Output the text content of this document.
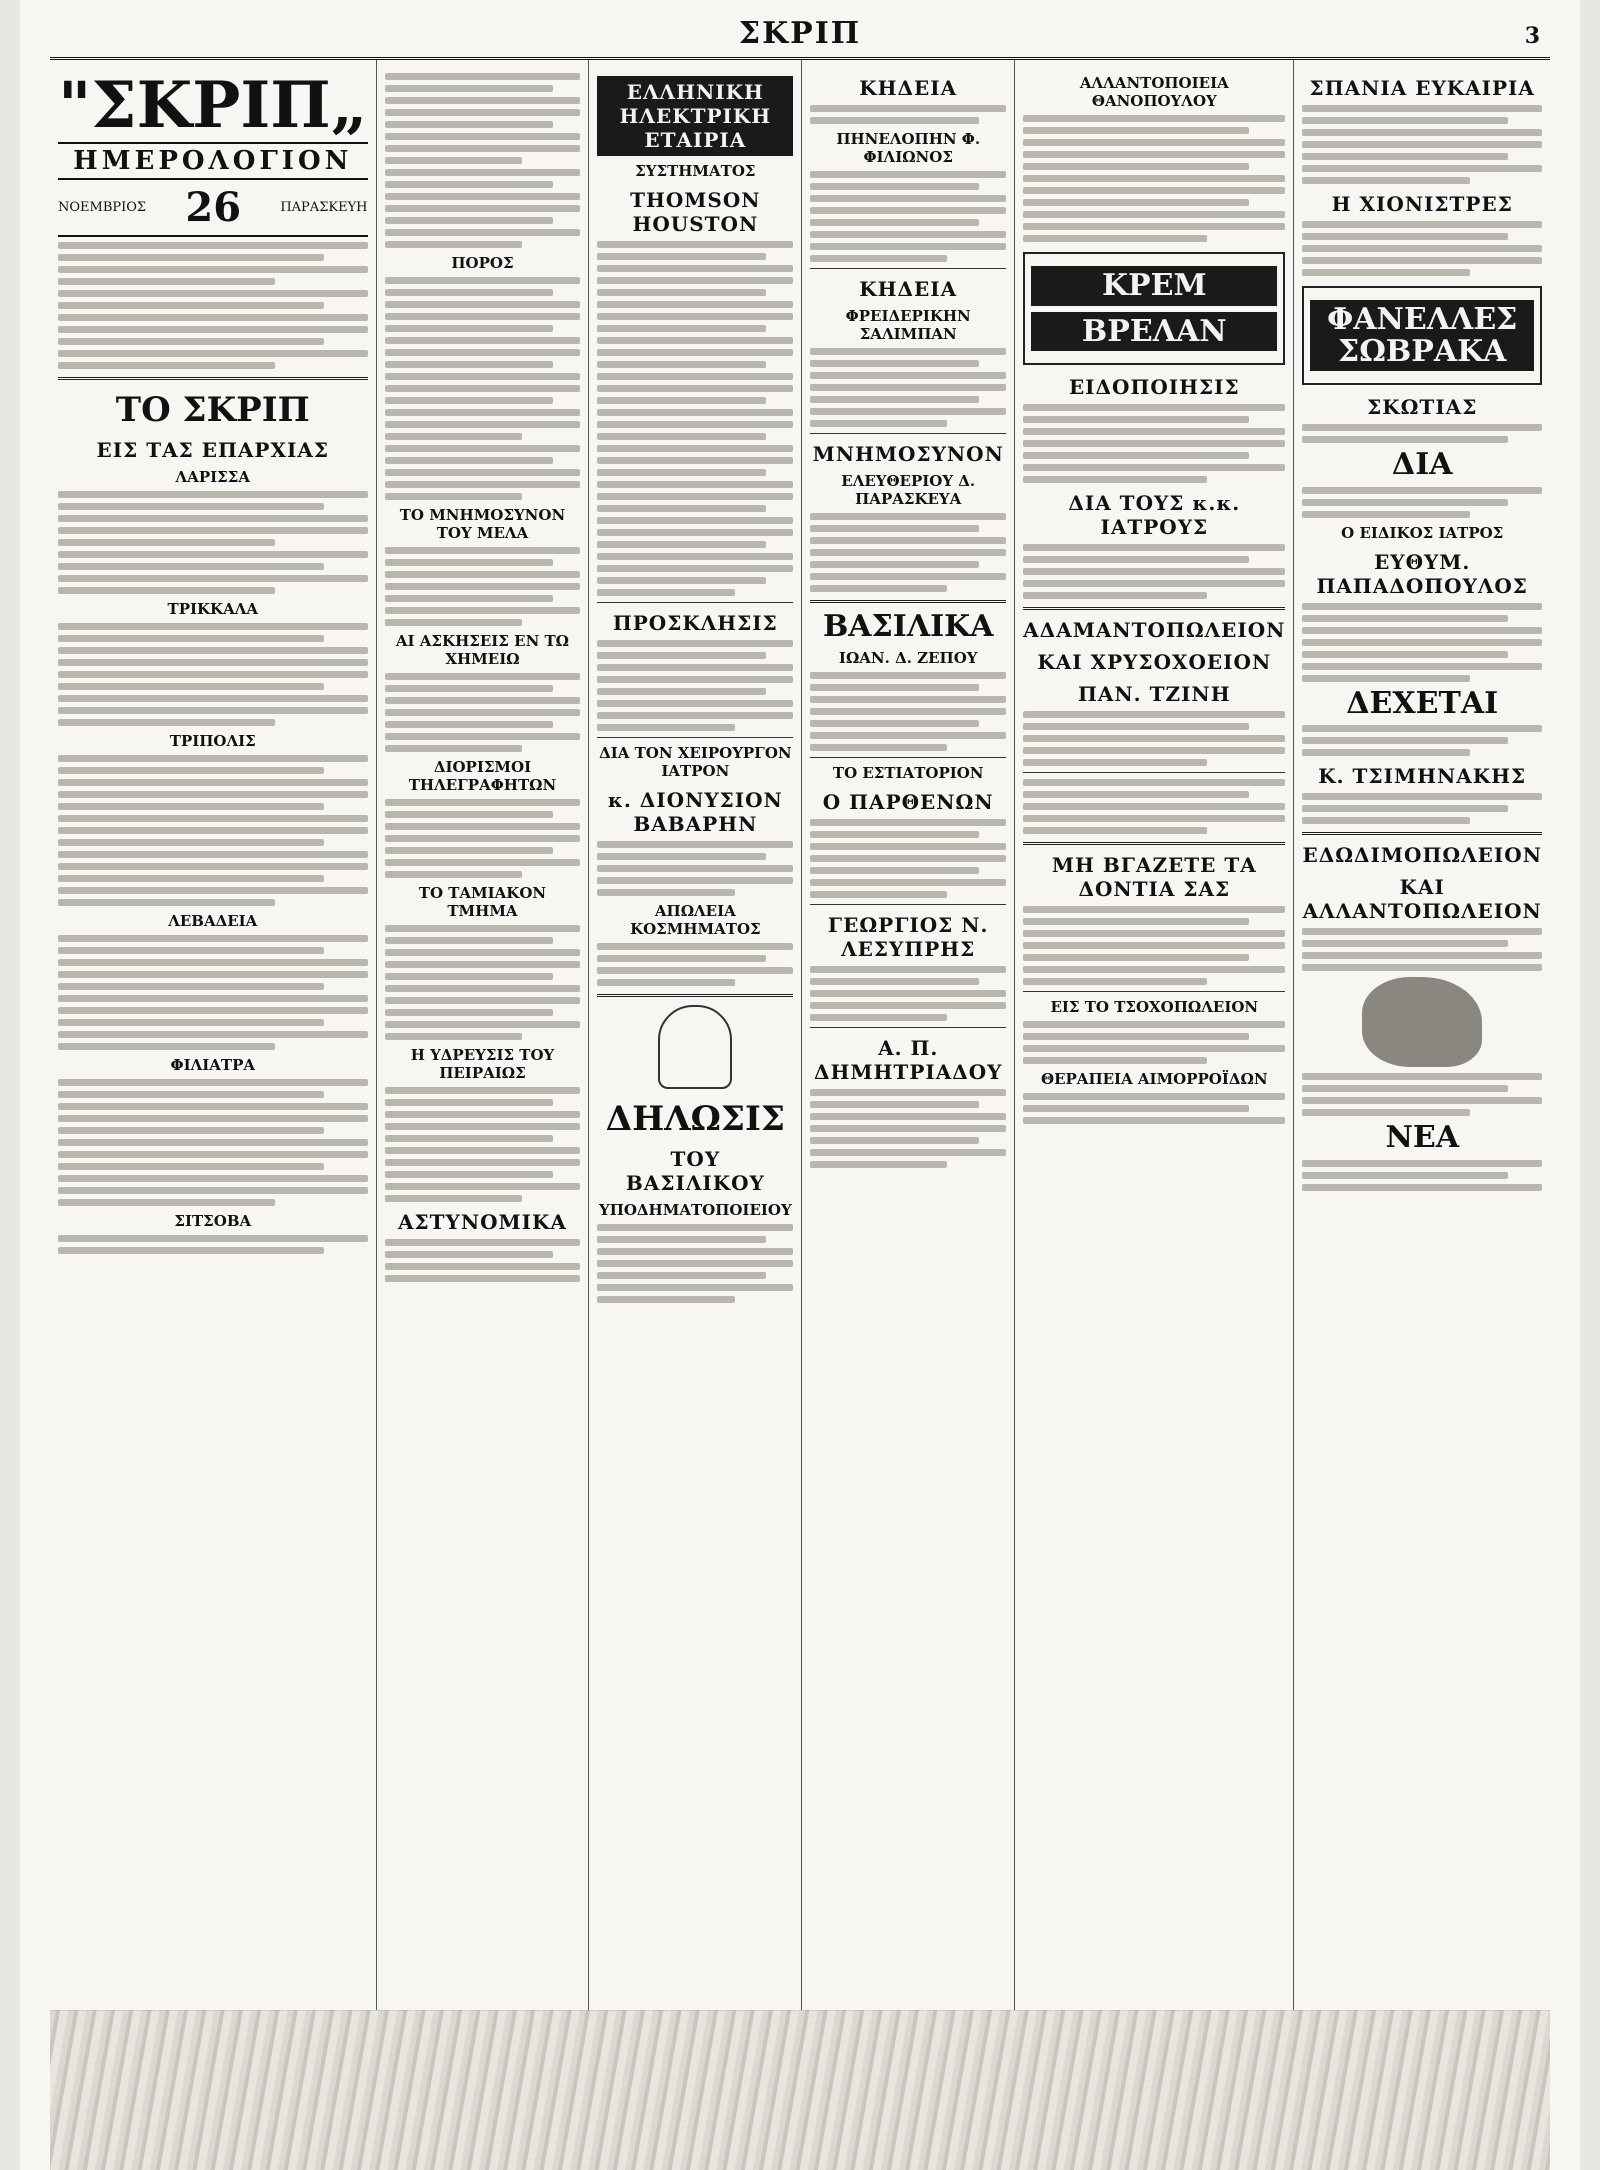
ΣΚΡΙΠ	3
"ΣΚΡΙΠ„
ΗΜΕΡΟΛΟΓΙΟΝ
ΝΟΕΜΒΡΙΟΣ 26	ΠΑΡΑΣΚΕΥΗ
ΤΟ ΣΚΡΙΠ
ΕΙΣ ΤΑΣ ΕΠΑΡΧΙΑΣ
ΛΑΡΙΣΣΑ
ΤΡΙΚΚΑΛΑ
ΤΡΙΠΟΛΙΣ
ΛΕΒΑΔΕΙΑ
ΦΙΛΙΑΤΡΑ
ΣΙΤΣΟΒΑ
ΠΟΡΟΣ
ΤΟ ΜΝΗΜΟΣΥΝΟΝ ΤΟΥ ΜΕΛΑ
ΑΙ ΑΣΚΗΣΕΙΣ ΕΝ ΤΩ ΧΗΜΕΙΩ
ΔΙΟΡΙΣΜΟΙ ΤΗΛΕΓΡΑΦΗΤΩΝ
ΤΟ ΤΑΜΙΑΚΟΝ ΤΜΗΜΑ
Η ΥΔΡΕΥΣΙΣ ΤΟΥ ΠΕΙΡΑΙΩΣ
ΑΣΤΥΝΟΜΙΚΑ
ΕΛΛΗΝΙΚΗ ΗΛΕΚΤΡΙΚΗ ΕΤΑΙΡΙΑ
ΣΥΣΤΗΜΑΤΟΣ
THOMSON HOUSTON
ΠΡΟΣΚΛΗΣΙΣ
ΔΙΑ ΤΟΝ ΧΕΙΡΟΥΡΓΟΝ ΙΑΤΡΟΝ
κ. ΔΙΟΝΥΣΙΟΝ ΒΑΒΑΡΗΝ
ΑΠΩΛΕΙΑ ΚΟΣΜΗΜΑΤΟΣ
ΔΗΛΩΣΙΣ
ΤΟΥ ΒΑΣΙΛΙΚΟΥ
ΥΠΟΔΗΜΑΤΟΠΟΙΕΙΟΥ
ΚΗΔΕΙΑ
ΠΗΝΕΛΟΠΗΝ Φ. ΦΙΛΙΩΝΟΣ
ΚΗΔΕΙΑ
ΦΡΕΙΔΕΡΙΚΗΝ ΣΑΛΙΜΠΑΝ
ΜΝΗΜΟΣΥΝΟΝ
ΕΛΕΥΘΕΡΙΟΥ Δ. ΠΑΡΑΣΚΕΥΑ
ΒΑΣΙΛΙΚΑ
ΙΩΑΝ. Δ. ΖΕΠΟΥ
ΤΟ ΕΣΤΙΑΤΟΡΙΟΝ
Ο ΠΑΡΘΕΝΩΝ
ΓΕΩΡΓΙΟΣ Ν. ΛΕΣΥΠΡΗΣ
Α. Π. ΔΗΜΗΤΡΙΑΔΟΥ
ΑΛΛΑΝΤΟΠΟΙΕΙΑ ΘΑΝΟΠΟΥΛΟΥ
ΚΡΕΜ
ΒΡΕΛΑΝ
ΕΙΔΟΠΟΙΗΣΙΣ
ΔΙΑ ΤΟΥΣ κ.κ. ΙΑΤΡΟΥΣ
ΑΔΑΜΑΝΤΟΠΩΛΕΙΟΝ
ΚΑΙ ΧΡΥΣΟΧΟΕΙΟΝ
ΠΑΝ. ΤΖΙΝΗ
ΜΗ ΒΓΑΖΕΤΕ ΤΑ ΔΟΝΤΙΑ ΣΑΣ
ΕΙΣ ΤΟ ΤΣΟΧΟΠΩΛΕΙΟΝ
ΘΕΡΑΠΕΙΑ ΑΙΜΟΡΡΟΪΔΩΝ
ΣΠΑΝΙΑ ΕΥΚΑΙΡΙΑ
Η ΧΙΟΝΙΣΤΡΕΣ
ΦΑΝΕΛΛΕΣ ΣΩΒΡΑΚΑ
ΣΚΩΤΙΑΣ
ΔΙΑ
Ο ΕΙΔΙΚΟΣ ΙΑΤΡΟΣ
ΕΥΘΥΜ. ΠΑΠΑΔΟΠΟΥΛΟΣ
ΔΕΧΕΤΑΙ
Κ. ΤΣΙΜΗΝΑΚΗΣ
ΕΔΩΔΙΜΟΠΩΛΕΙΟΝ
ΚΑΙ ΑΛΛΑΝΤΟΠΩΛΕΙΟΝ
ΝΕΑ
